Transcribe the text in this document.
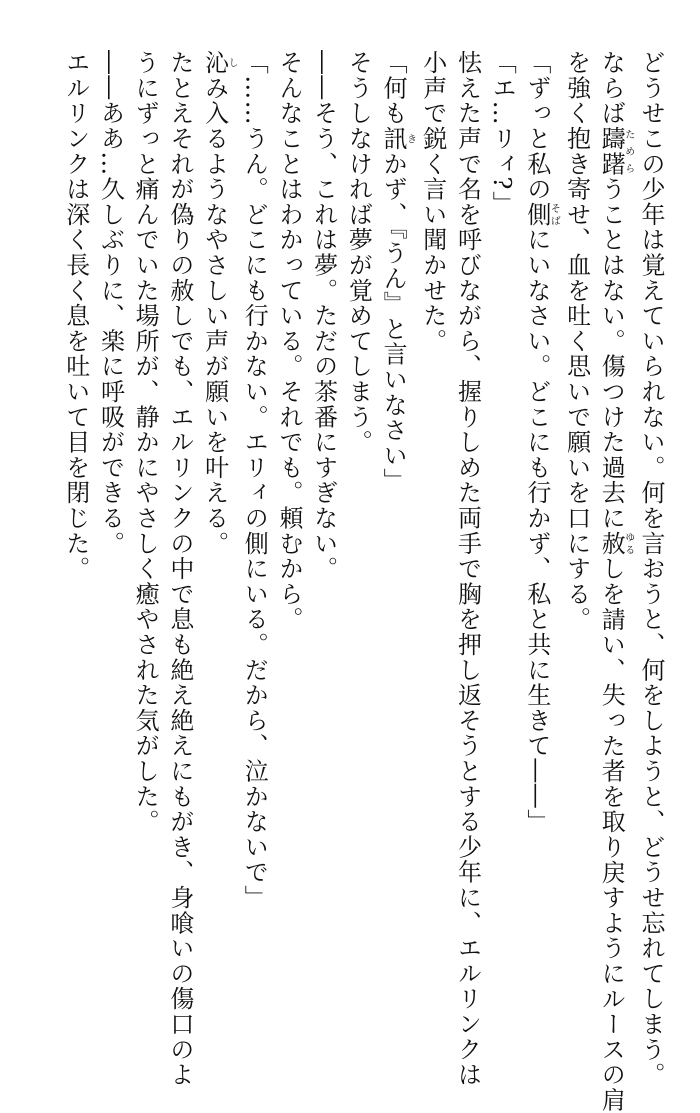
どうせこの少年は覚えていられない。何を言おうと、何をしようと、どうせ忘れてしまう。
ならば躊躇ためらうことはない。傷つけた過去に赦ゆるしを請い、失った者を取り戻すようにルースの肩
を強く抱き寄せ、血を吐く思いで願いを口にする。
「ずっと私の側そばにいなさい。どこにも行かず、私と共に生きて――」
「エ…リィ?」
怯えた声で名を呼びながら、握りしめた両手で胸を押し返そうとする少年に、エルリンクは
小声で鋭く言い聞かせた。
「何も訊きかず、『うん』と言いなさい」
そうしなければ夢が覚めてしまう。
――そう、これは夢。ただの茶番にすぎない。
そんなことはわかっている。それでも。頼むから。
「……うん。どこにも行かない。エリィの側にいる。だから、泣かないで」
沁しみ入るようなやさしい声が願いを叶える。
たとえそれが偽りの赦しでも、エルリンクの中で息も絶え絶えにもがき、身喰いの傷口のよ
うにずっと痛んでいた場所が、静かにやさしく癒やされた気がした。
――ああ…久しぶりに、楽に呼吸ができる。
エルリンクは深く長く息を吐いて目を閉じた。
